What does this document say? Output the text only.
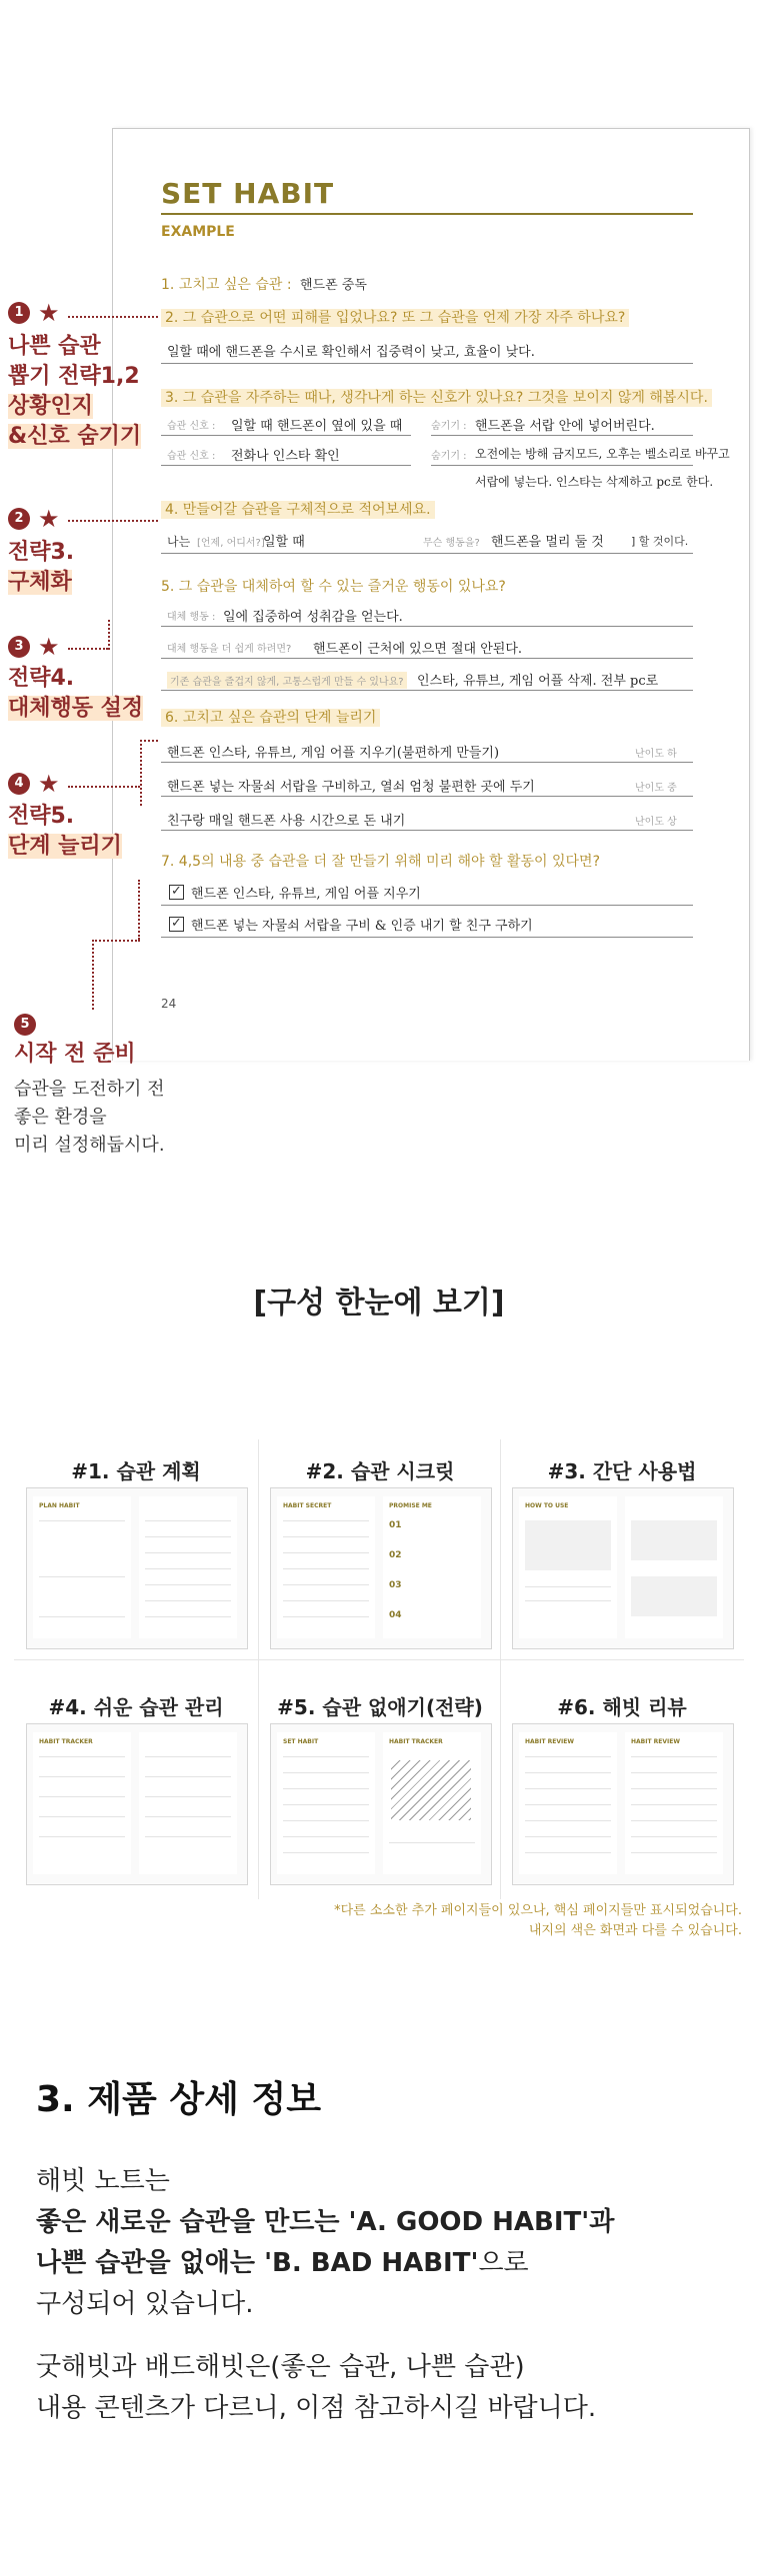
SET HABIT
EXAMPLE
1. 고치고 싶은 습관 : 핸드폰 중독
2. 그 습관으로 어떤 피해를 입었나요? 또 그 습관을 언제 가장 자주 하나요?
일할 때에 핸드폰을 수시로 확인해서 집중력이 낮고, 효율이 낮다.
3. 그 습관을 자주하는 때나, 생각나게 하는 신호가 있나요? 그것을 보이지 않게 해봅시다.
습관 신호 : 일할 때 핸드폰이 옆에 있을 때	숨기기 : 핸드폰을 서랍 안에 넣어버린다.
습관 신호 : 전화나 인스타 확인	숨기기 : 오전에는 방해 금지모드, 오후는 벨소리로 바꾸고
서랍에 넣는다. 인스타는 삭제하고 pc로 한다.
4. 만들어갈 습관을 구체적으로 적어보세요.
나는 [언제, 어디서?]
일할 때	무슨 행동을? 핸드폰을 멀리 둘 것 ] 할 것이다.
5. 그 습관을 대체하여 할 수 있는 즐거운 행동이 있나요?
대체 행동 : 일에 집중하여 성취감을 얻는다.
대체 행동을 더 쉽게 하려면? 핸드폰이 근처에 있으면 절대 안된다.
기존 습관을 즐겁지 않게, 고통스럽게 만들 수 있나요? 인스타, 유튜브, 게임 어플 삭제. 전부 pc로
6. 고치고 싶은 습관의 단계 늘리기
핸드폰 인스타, 유튜브, 게임 어플 지우기(불편하게 만들기)	난이도 하
핸드폰 넣는 자물쇠 서랍을 구비하고, 열쇠 엄청 불편한 곳에 두기	난이도 중
친구랑 매일 핸드폰 사용 시간으로 돈 내기	난이도 상
7. 4,5의 내용 중 습관을 더 잘 만들기 위해 미리 해야 할 활동이 있다면?
✓ 핸드폰 인스타, 유튜브, 게임 어플 지우기
✓ 핸드폰 넣는 자물쇠 서랍을 구비 & 인증 내기 할 친구 구하기
24
1 ★
나쁜 습관
뽑기 전략1,2
상황인지
&신호 숨기기
2 ★
전략3.
구체화
3 ★
전략4.
대체행동 설정
4 ★
전략5.
단계 늘리기
5
시작 전 준비
습관을 도전하기 전
좋은 환경을
미리 설정해둡시다.
[구성 한눈에 보기]
#1. 습관 계획
PLAN HABIT
#2. 습관 시크릿
HABIT SECRET	PROMISE ME
01
02
03
04
#3. 간단 사용법
HOW TO USE
#4. 쉬운 습관 관리
HABIT TRACKER
#5. 습관 없애기(전략)
SET HABIT	HABIT TRACKER
#6. 해빗 리뷰
HABIT REVIEW	HABIT REVIEW
*다른 소소한 추가 페이지들이 있으나, 핵심 페이지들만 표시되었습니다.
내지의 색은 화면과 다를 수 있습니다.
3. 제품 상세 정보
해빗 노트는
좋은 새로운 습관을 만드는 'A. GOOD HABIT'과
나쁜 습관을 없애는 'B. BAD HABIT'으로
구성되어 있습니다.
굿해빗과 배드해빗은(좋은 습관, 나쁜 습관)
내용 콘텐츠가 다르니, 이점 참고하시길 바랍니다.
